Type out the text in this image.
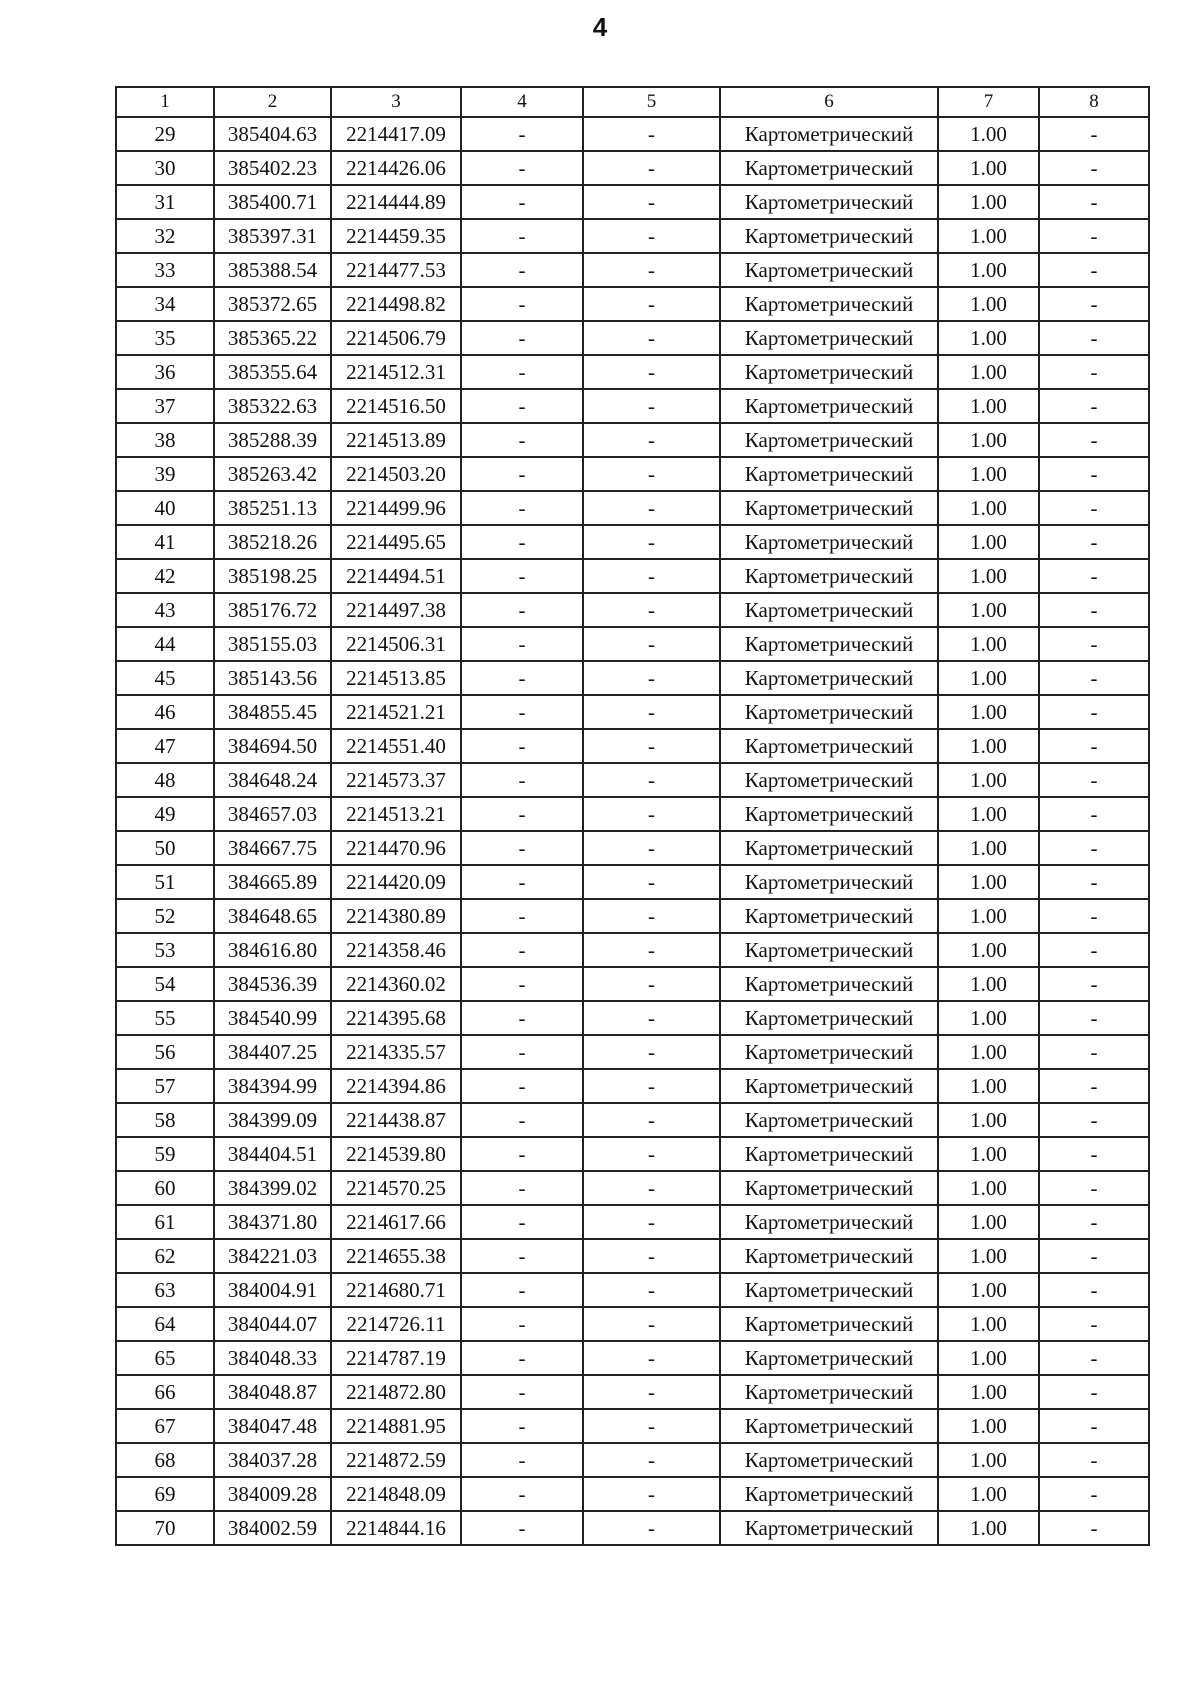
4
1	2	3	4	5	6	7	8
29	385404.63	2214417.09	-	-	Картометрический	1.00	-
30	385402.23	2214426.06	-	-	Картометрический	1.00	-
31	385400.71	2214444.89	-	-	Картометрический	1.00	-
32	385397.31	2214459.35	-	-	Картометрический	1.00	-
33	385388.54	2214477.53	-	-	Картометрический	1.00	-
34	385372.65	2214498.82	-	-	Картометрический	1.00	-
35	385365.22	2214506.79	-	-	Картометрический	1.00	-
36	385355.64	2214512.31	-	-	Картометрический	1.00	-
37	385322.63	2214516.50	-	-	Картометрический	1.00	-
38	385288.39	2214513.89	-	-	Картометрический	1.00	-
39	385263.42	2214503.20	-	-	Картометрический	1.00	-
40	385251.13	2214499.96	-	-	Картометрический	1.00	-
41	385218.26	2214495.65	-	-	Картометрический	1.00	-
42	385198.25	2214494.51	-	-	Картометрический	1.00	-
43	385176.72	2214497.38	-	-	Картометрический	1.00	-
44	385155.03	2214506.31	-	-	Картометрический	1.00	-
45	385143.56	2214513.85	-	-	Картометрический	1.00	-
46	384855.45	2214521.21	-	-	Картометрический	1.00	-
47	384694.50	2214551.40	-	-	Картометрический	1.00	-
48	384648.24	2214573.37	-	-	Картометрический	1.00	-
49	384657.03	2214513.21	-	-	Картометрический	1.00	-
50	384667.75	2214470.96	-	-	Картометрический	1.00	-
51	384665.89	2214420.09	-	-	Картометрический	1.00	-
52	384648.65	2214380.89	-	-	Картометрический	1.00	-
53	384616.80	2214358.46	-	-	Картометрический	1.00	-
54	384536.39	2214360.02	-	-	Картометрический	1.00	-
55	384540.99	2214395.68	-	-	Картометрический	1.00	-
56	384407.25	2214335.57	-	-	Картометрический	1.00	-
57	384394.99	2214394.86	-	-	Картометрический	1.00	-
58	384399.09	2214438.87	-	-	Картометрический	1.00	-
59	384404.51	2214539.80	-	-	Картометрический	1.00	-
60	384399.02	2214570.25	-	-	Картометрический	1.00	-
61	384371.80	2214617.66	-	-	Картометрический	1.00	-
62	384221.03	2214655.38	-	-	Картометрический	1.00	-
63	384004.91	2214680.71	-	-	Картометрический	1.00	-
64	384044.07	2214726.11	-	-	Картометрический	1.00	-
65	384048.33	2214787.19	-	-	Картометрический	1.00	-
66	384048.87	2214872.80	-	-	Картометрический	1.00	-
67	384047.48	2214881.95	-	-	Картометрический	1.00	-
68	384037.28	2214872.59	-	-	Картометрический	1.00	-
69	384009.28	2214848.09	-	-	Картометрический	1.00	-
70	384002.59	2214844.16	-	-	Картометрический	1.00	-
